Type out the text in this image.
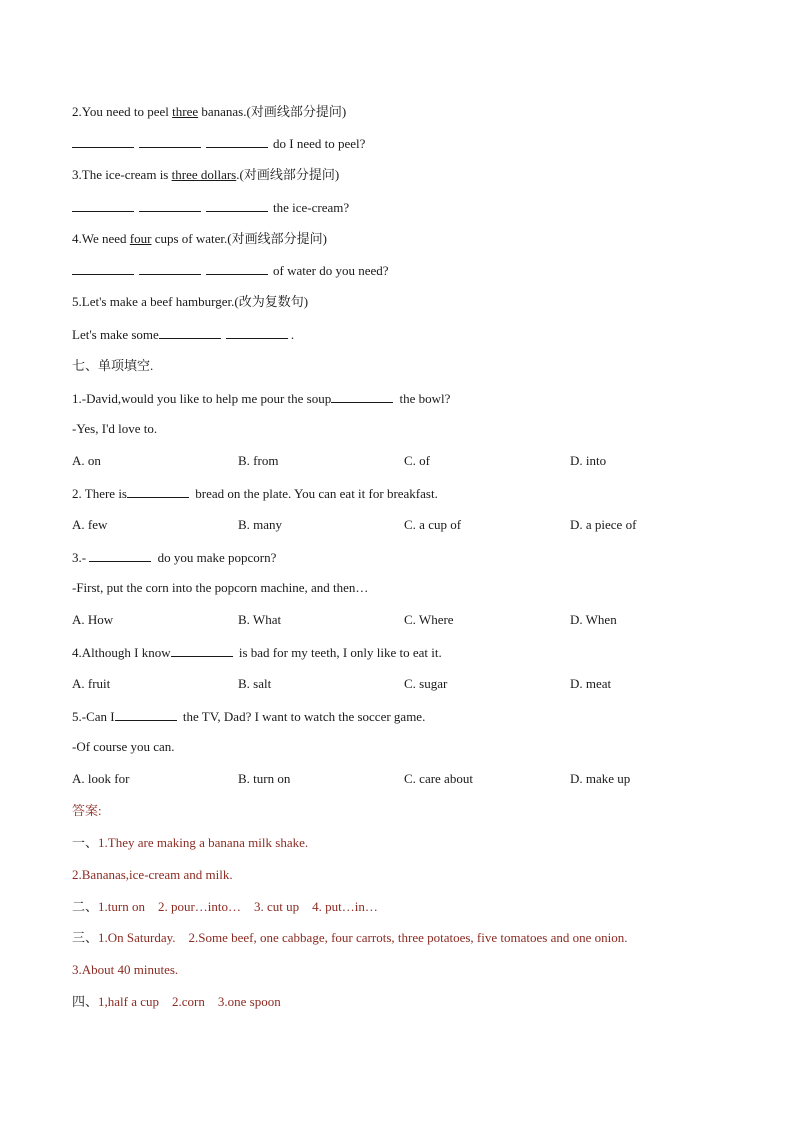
2.You need to peel three bananas.(对画线部分提问)
do I need to peel?
3.The ice-cream is three dollars.(对画线部分提问)
the ice-cream?
4.We need four cups of water.(对画线部分提问)
of water do you need?
5.Let's make a beef hamburger.(改为复数句)
Let's make some	.
七、单项填空.
1.-David,would you like to help me pour the soup	the bowl?
-Yes, I'd love to.
A. on	B. from	C. of	D. into
2. There is	bread on the plate. You can eat it for breakfast.
A. few	B. many	C. a cup of	D. a piece of
3.-	do you make popcorn?
-First, put the corn into the popcorn machine, and then…
A. How	B. What	C. Where	D. When
4.Although I know	is bad for my teeth, I only like to eat it.
A. fruit	B. salt	C. sugar	D. meat
5.-Can I	the TV, Dad? I want to watch the soccer game.
-Of course you can.
A. look for	B. turn on	C. care about	D. make up
答案:
一、1.They are making a banana milk shake.
2.Bananas,ice-cream and milk.
二、1.turn on    2. pour…into…    3. cut up    4. put…in…
三、1.On Saturday.    2.Some beef, one cabbage, four carrots, three potatoes, five tomatoes and one onion.
3.About 40 minutes.
四、1,half a cup    2.corn    3.one spoon
